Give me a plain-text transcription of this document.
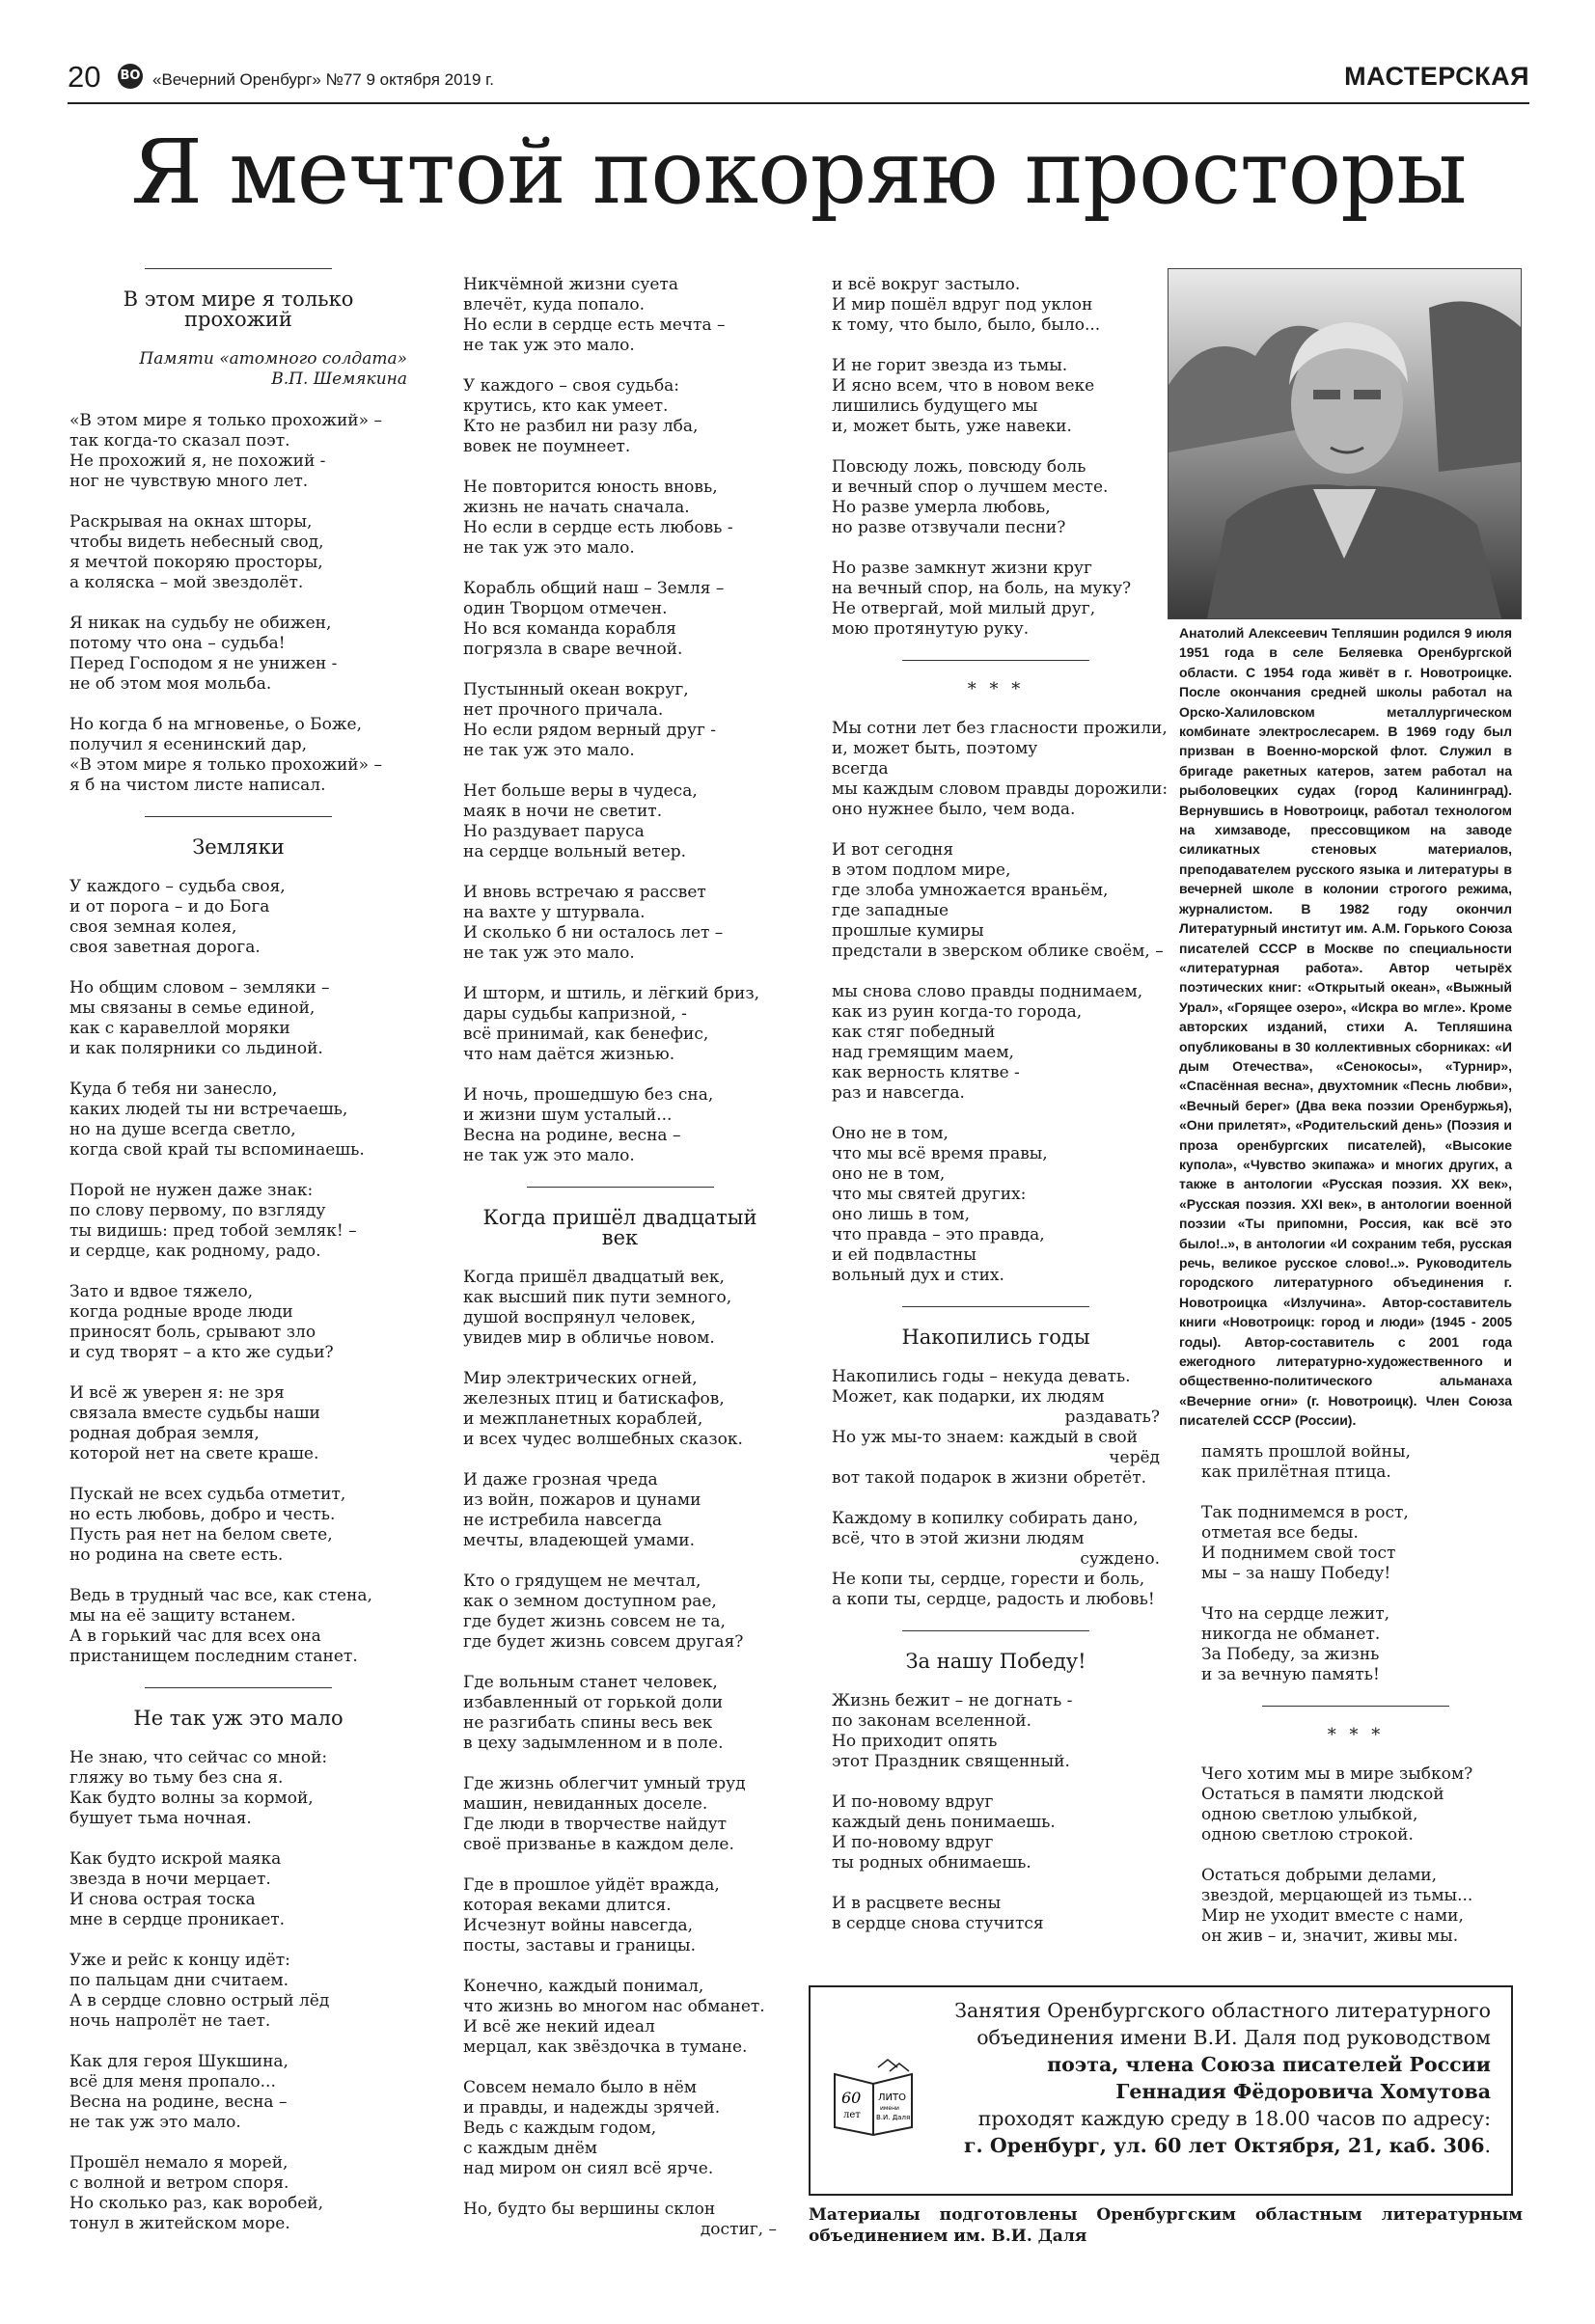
20 ВО «Вечерний Оренбург» №77 9 октября 2019 г.	МАСТЕРСКАЯ
Я мечтой покоряю просторы
В этом мире я только прохожий
Памяти «атомного солдата»
В.П. Шемякина
«В этом мире я только прохожий» –
так когда-то сказал поэт.
Не прохожий я, не похожий -
ног не чувствую много лет.
Раскрывая на окнах шторы,
чтобы видеть небесный свод,
я мечтой покоряю просторы,
а коляска – мой звездолёт.
Я никак на судьбу не обижен,
потому что она – судьба!
Перед Господом я не унижен -
не об этом моя мольба.
Но когда б на мгновенье, о Боже,
получил я есенинский дар,
«В этом мире я только прохожий» –
я б на чистом листе написал.
Земляки
У каждого – судьба своя,
и от порога – и до Бога
своя земная колея,
своя заветная дорога.
Но общим словом – земляки –
мы связаны в семье единой,
как с каравеллой моряки
и как полярники со льдиной.
Куда б тебя ни занесло,
каких людей ты ни встречаешь,
но на душе всегда светло,
когда свой край ты вспоминаешь.
Порой не нужен даже знак:
по слову первому, по взгляду
ты видишь: пред тобой земляк! –
и сердце, как родному, радо.
Зато и вдвое тяжело,
когда родные вроде люди
приносят боль, срывают зло
и суд творят – а кто же судьи?
И всё ж уверен я: не зря
связала вместе судьбы наши
родная добрая земля,
которой нет на свете краше.
Пускай не всех судьба отметит,
но есть любовь, добро и честь.
Пусть рая нет на белом свете,
но родина на свете есть.
Ведь в трудный час все, как стена,
мы на её защиту встанем.
А в горький час для всех она
пристанищем последним станет.
Не так уж это мало
Не знаю, что сейчас со мной:
гляжу во тьму без сна я.
Как будто волны за кормой,
бушует тьма ночная.
Как будто искрой маяка
звезда в ночи мерцает.
И снова острая тоска
мне в сердце проникает.
Уже и рейс к концу идёт:
по пальцам дни считаем.
А в сердце словно острый лёд
ночь напролёт не тает.
Как для героя Шукшина,
всё для меня пропало...
Весна на родине, весна –
не так уж это мало.
Прошёл немало я морей,
с волной и ветром споря.
Но сколько раз, как воробей,
тонул в житейском море.
Никчёмной жизни суета
влечёт, куда попало.
Но если в сердце есть мечта –
не так уж это мало.
У каждого – своя судьба:
крутись, кто как умеет.
Кто не разбил ни разу лба,
вовек не поумнеет.
Не повторится юность вновь,
жизнь не начать сначала.
Но если в сердце есть любовь -
не так уж это мало.
Корабль общий наш – Земля –
один Творцом отмечен.
Но вся команда корабля
погрязла в сваре вечной.
Пустынный океан вокруг,
нет прочного причала.
Но если рядом верный друг -
не так уж это мало.
Нет больше веры в чудеса,
маяк в ночи не светит.
Но раздувает паруса
на сердце вольный ветер.
И вновь встречаю я рассвет
на вахте у штурвала.
И сколько б ни осталось лет –
не так уж это мало.
И шторм, и штиль, и лёгкий бриз,
дары судьбы капризной, -
всё принимай, как бенефис,
что нам даётся жизнью.
И ночь, прошедшую без сна,
и жизни шум усталый...
Весна на родине, весна –
не так уж это мало.
Когда пришёл двадцатый век
Когда пришёл двадцатый век,
как высший пик пути земного,
душой воспрянул человек,
увидев мир в обличье новом.
Мир электрических огней,
железных птиц и батискафов,
и межпланетных кораблей,
и всех чудес волшебных сказок.
И даже грозная чреда
из войн, пожаров и цунами
не истребила навсегда
мечты, владеющей умами.
Кто о грядущем не мечтал,
как о земном доступном рае,
где будет жизнь совсем не та,
где будет жизнь совсем другая?
Где вольным станет человек,
избавленный от горькой доли
не разгибать спины весь век
в цеху задымленном и в поле.
Где жизнь облегчит умный труд
машин, невиданных доселе.
Где люди в творчестве найдут
своё призванье в каждом деле.
Где в прошлое уйдёт вражда,
которая веками длится.
Исчезнут войны навсегда,
посты, заставы и границы.
Конечно, каждый понимал,
что жизнь во многом нас обманет.
И всё же некий идеал
мерцал, как звёздочка в тумане.
Совсем немало было в нём
и правды, и надежды зрячей.
Ведь с каждым годом,
с каждым днём
над миром он сиял всё ярче.
Но, будто бы вершины склон
достиг, –
и всё вокруг застыло.
И мир пошёл вдруг под уклон
к тому, что было, было, было...
И не горит звезда из тьмы.
И ясно всем, что в новом веке
лишились будущего мы
и, может быть, уже навеки.
Повсюду ложь, повсюду боль
и вечный спор о лучшем месте.
Но разве умерла любовь,
но разве отзвучали песни?
Но разве замкнут жизни круг
на вечный спор, на боль, на муку?
Не отвергай, мой милый друг,
мою протянутую руку.
* * *
Мы сотни лет без гласности прожили,
и, может быть, поэтому
всегда
мы каждым словом правды дорожили:
оно нужнее было, чем вода.
И вот сегодня
в этом подлом мире,
где злоба умножается враньём,
где западные
прошлые кумиры
предстали в зверском облике своём, –
мы снова слово правды поднимаем,
как из руин когда-то города,
как стяг победный
над гремящим маем,
как верность клятве -
раз и навсегда.
Оно не в том,
что мы всё время правы,
оно не в том,
что мы святей других:
оно лишь в том,
что правда – это правда,
и ей подвластны
вольный дух и стих.
Накопились годы
Накопились годы – некуда девать.
Может, как подарки, их людям
раздавать?
Но уж мы-то знаем: каждый в свой
черёд
вот такой подарок в жизни обретёт.
Каждому в копилку собирать дано,
всё, что в этой жизни людям
суждено.
Не копи ты, сердце, горести и боль,
а копи ты, сердце, радость и любовь!
За нашу Победу!
Жизнь бежит – не догнать -
по законам вселенной.
Но приходит опять
этот Праздник священный.
И по-новому вдруг
каждый день понимаешь.
И по-новому вдруг
ты родных обнимаешь.
И в расцвете весны
в сердце снова стучится
Анатолий Алексеевич Тепляшин родился 9 июля 1951 года в селе Беляевка Оренбургской области. С 1954 года живёт в г. Новотроицке. После окончания средней школы работал на Орско-Халиловском металлургическом комбинате электрослесарем. В 1969 году был призван в Военно-морской флот. Служил в бригаде ракетных катеров, затем работал на рыболовецких судах (город Калининград). Вернувшись в Новотроицк, работал технологом на химзаводе, прессовщиком на заводе силикатных стеновых материалов, преподавателем русского языка и литературы в вечерней школе в колонии строгого режима, журналистом. В 1982 году окончил Литературный институт им. А.М. Горького Союза писателей СССР в Москве по специальности «литературная работа». Автор четырёх поэтических книг: «Открытый океан», «Выжный Урал», «Горящее озеро», «Искра во мгле». Кроме авторских изданий, стихи А. Тепляшина опубликованы в 30 коллективных сборниках: «И дым Отечества», «Сенокосы», «Турнир», «Спасённая весна», двухтомник «Песнь любви», «Вечный берег» (Два века поэзии Оренбуржья), «Они прилетят», «Родительский день» (Поэзия и проза оренбургских писателей), «Высокие купола», «Чувство экипажа» и многих других, а также в антологии «Русская поэзия. XX век», «Русская поэзия. XXI век», в антологии военной поэзии «Ты припомни, Россия, как всё это было!..», в антологии «И сохраним тебя, русская речь, великое русское слово!..». Руководитель городского литературного объединения г. Новотроицка «Излучина». Автор-составитель книги «Новотроицк: город и люди» (1945 - 2005 годы). Автор-составитель с 2001 года ежегодного литературно-художественного и общественно-политического альманаха «Вечерние огни» (г. Новотроицк). Член Союза писателей СССР (России).
память прошлой войны,
как прилётная птица.
Так поднимемся в рост,
отметая все беды.
И поднимем свой тост
мы – за нашу Победу!
Что на сердце лежит,
никогда не обманет.
За Победу, за жизнь
и за вечную память!
* * *
Чего хотим мы в мире зыбком?
Остаться в памяти людской
одною светлою улыбкой,
одною светлою строкой.
Остаться добрыми делами,
звездой, мерцающей из тьмы...
Мир не уходит вместе с нами,
он жив – и, значит, живы мы.
60
лет
ЛИТО
имени
В.И. Даля
Занятия Оренбургского областного литературного
объединения имени В.И. Даля под руководством
поэта, члена Союза писателей России
Геннадия Фёдоровича Хомутова
проходят каждую среду в 18.00 часов по адресу:
г. Оренбург, ул. 60 лет Октября, 21, каб. 306.
Материалы подготовлены Оренбургским областным литературным объединением им. В.И. Даля
